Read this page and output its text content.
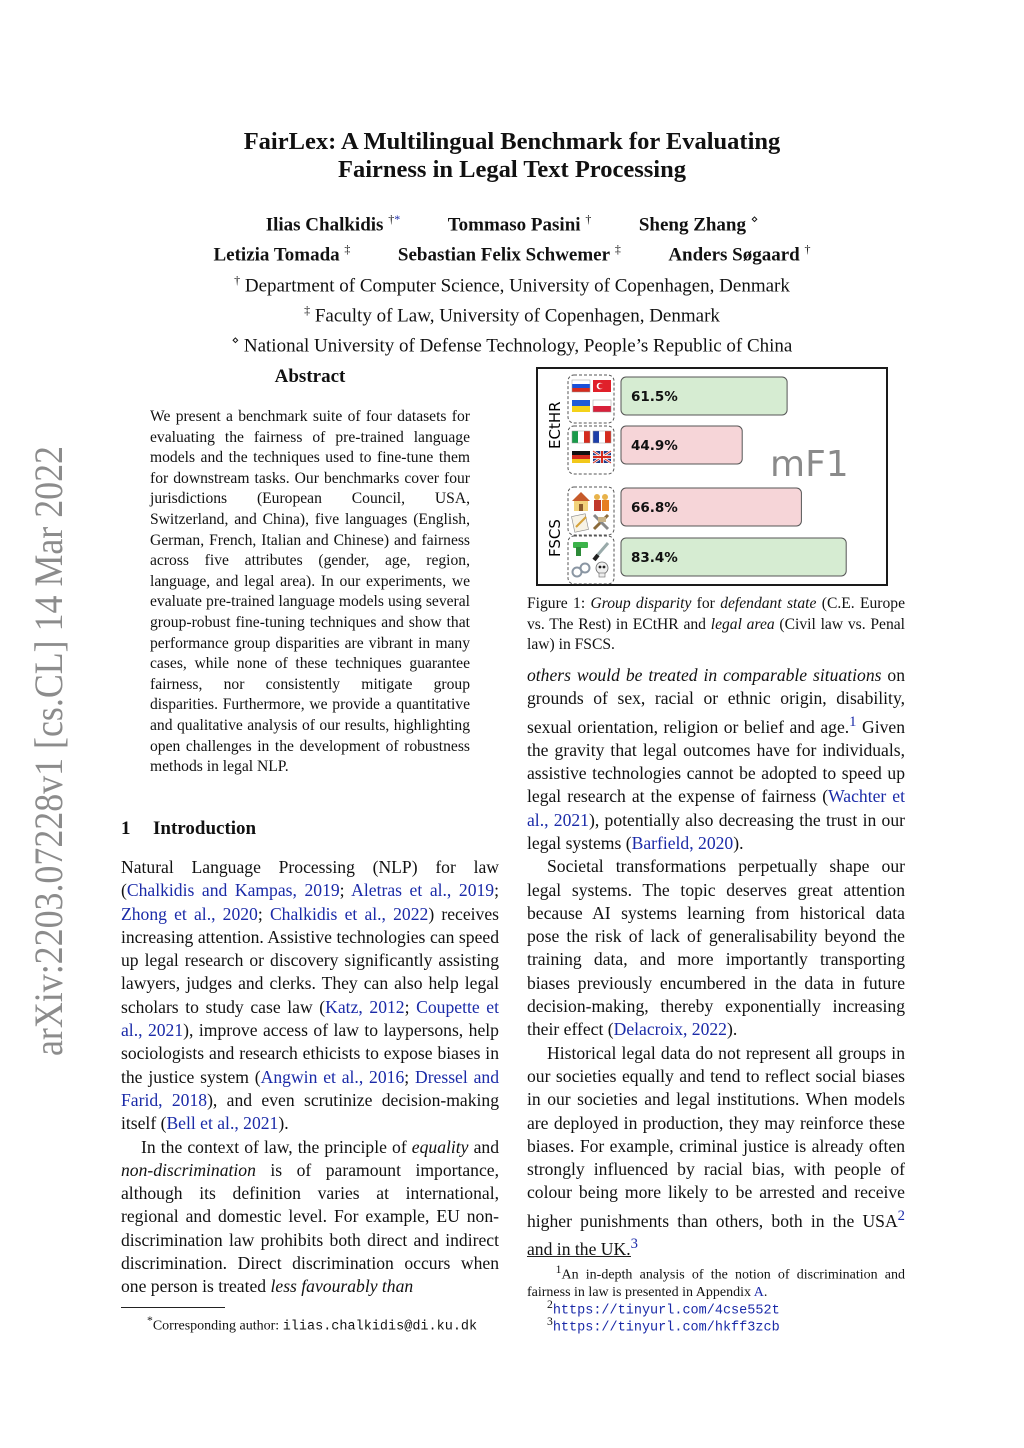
arXiv:2203.07228v1 [cs.CL] 14 Mar 2022
FairLex: A Multilingual Benchmark for Evaluating
Fairness in Legal Text Processing
Ilias Chalkidis †*	Tommaso Pasini †	Sheng Zhang ⋄
Letizia Tomada ‡	Sebastian Felix Schwemer ‡	Anders Søgaard †
† Department of Computer Science, University of Copenhagen, Denmark
‡ Faculty of Law, University of Copenhagen, Denmark
⋄ National University of Defense Technology, People’s Republic of China
Abstract
We present a benchmark suite of four datasets for evaluating the fairness of pre-trained language models and the techniques used to fine-tune them for downstream tasks. Our benchmarks cover four jurisdictions (European Council, USA, Switzerland, and China), five languages (English, German, French, Italian and Chinese) and fairness across five attributes (gender, age, region, language, and legal area). In our experiments, we evaluate pre-trained language models using several group-robust fine-tuning techniques and show that performance group disparities are vibrant in many cases, while none of these techniques guarantee fairness, nor consistently mitigate group disparities. Furthermore, we provide a quantitative and qualitative analysis of our results, highlighting open challenges in the development of robustness methods in legal NLP.
1 Introduction

Natural Language Processing (NLP) for law (Chalkidis and Kampas, 2019; Aletras et al., 2019; Zhong et al., 2020; Chalkidis et al., 2022) receives increasing attention. Assistive technologies can speed up legal research or discovery significantly assisting lawyers, judges and clerks. They can also help legal scholars to study case law (Katz, 2012; Coupette et al., 2021), improve access of law to laypersons, help sociologists and research ethicists to expose biases in the justice system (Angwin et al., 2016; Dressel and Farid, 2018), and even scrutinize decision-making itself (Bell et al., 2021).

In the context of law, the principle of equality and non-discrimination is of paramount importance, although its definition varies at international, regional and domestic level. For example, EU non-discrimination law prohibits both direct and indirect discrimination. Direct discrimination occurs when one person is treated less favourably than

*Corresponding author: ilias.chalkidis@di.ku.dk
ECtHR
FSCS
61.5%
44.9%
66.8%
83.4%
mF1
Figure 1: Group disparity for defendant state (C.E. Europe vs. The Rest) in ECtHR and legal area (Civil law vs. Penal law) in FSCS.

others would be treated in comparable situations on grounds of sex, racial or ethnic origin, disability, sexual orientation, religion or belief and age.$^1$ Given the gravity that legal outcomes have for individuals, assistive technologies cannot be adopted to speed up legal research at the expense of fairness (Wachter et al., 2021), potentially also decreasing the trust in our legal systems (Barfield, 2020).

Societal transformations perpetually shape our legal systems. The topic deserves great attention because AI systems learning from historical data pose the risk of lack of generalisability beyond the training data, and more importantly transporting biases previously encumbered in the data in future decision-making, thereby exponentially increasing their effect (Delacroix, 2022).

Historical legal data do not represent all groups in our societies equally and tend to reflect social biases in our societies and legal institutions. When models are deployed in production, they may reinforce these biases. For example, criminal justice is already often strongly influenced by racial bias, with people of colour being more likely to be arrested and receive higher punishments than others, both in the USA$^2$ and in the UK.$^3$

$^1$An in-depth analysis of the notion of discrimination and fairness in law is presented in Appendix A.
$^2$https://tinyurl.com/4cse552t
$^3$https://tinyurl.com/hkff3zcb
